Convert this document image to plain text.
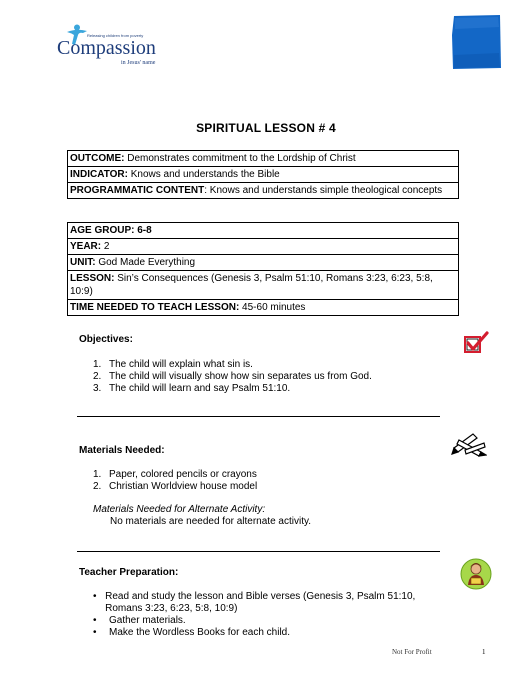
Releasing children from poverty
Compassion
in Jesus' name
SPIRITUAL LESSON # 4
OUTCOME: Demonstrates commitment to the Lordship of Christ
INDICATOR: Knows and understands the Bible
PROGRAMMATIC CONTENT: Knows and understands simple theological concepts
AGE GROUP: 6-8
YEAR: 2
UNIT: God Made Everything
LESSON: Sin’s Consequences (Genesis 3, Psalm 51:10, Romans 3:23, 6:23, 5:8, 10:9)
TIME NEEDED TO TEACH LESSON: 45-60 minutes
Objectives:
1. The child will explain what sin is.
2. The child will visually show how sin separates us from God.
3. The child will learn and say Psalm 51:10.
Materials Needed:
1. Paper, colored pencils or crayons
2. Christian Worldview house model
Materials Needed for Alternate Activity:
No materials are needed for alternate activity.
Teacher Preparation:
• Read and study the lesson and Bible verses (Genesis 3, Psalm 51:10, Romans 3:23, 6:23, 5:8, 10:9)
•	Gather materials.
•	Make the Wordless Books for each child.
Not For Profit	1
